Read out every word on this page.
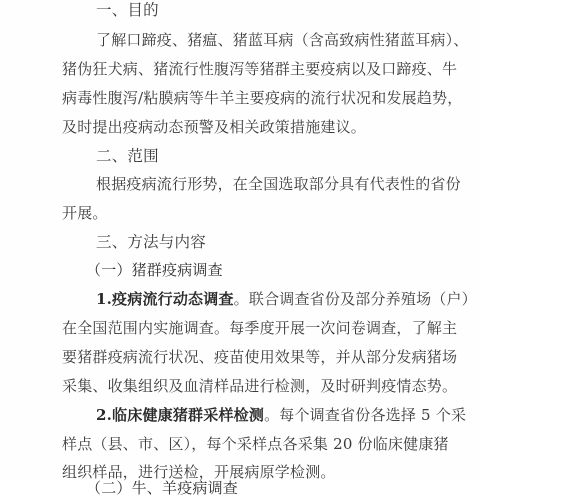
一、目的
了解口蹄疫、猪瘟、猪蓝耳病（含高致病性猪蓝耳病）、
猪伪狂犬病、猪流行性腹泻等猪群主要疫病以及口蹄疫、牛
病毒性腹泻/粘膜病等牛羊主要疫病的流行状况和发展趋势，
及时提出疫病动态预警及相关政策措施建议。
二、范围
根据疫病流行形势，在全国选取部分具有代表性的省份
开展。
三、方法与内容
（一）猪群疫病调查
1.疫病流行动态调查。联合调查省份及部分养殖场（户）
在全国范围内实施调查。每季度开展一次问卷调查，了解主
要猪群疫病流行状况、疫苗使用效果等，并从部分发病猪场
采集、收集组织及血清样品进行检测，及时研判疫情态势。
2.临床健康猪群采样检测。每个调查省份各选择 5 个采
样点（县、市、区），每个采样点各采集 20 份临床健康猪
组织样品，进行送检，开展病原学检测。
（二）牛、羊疫病调查
